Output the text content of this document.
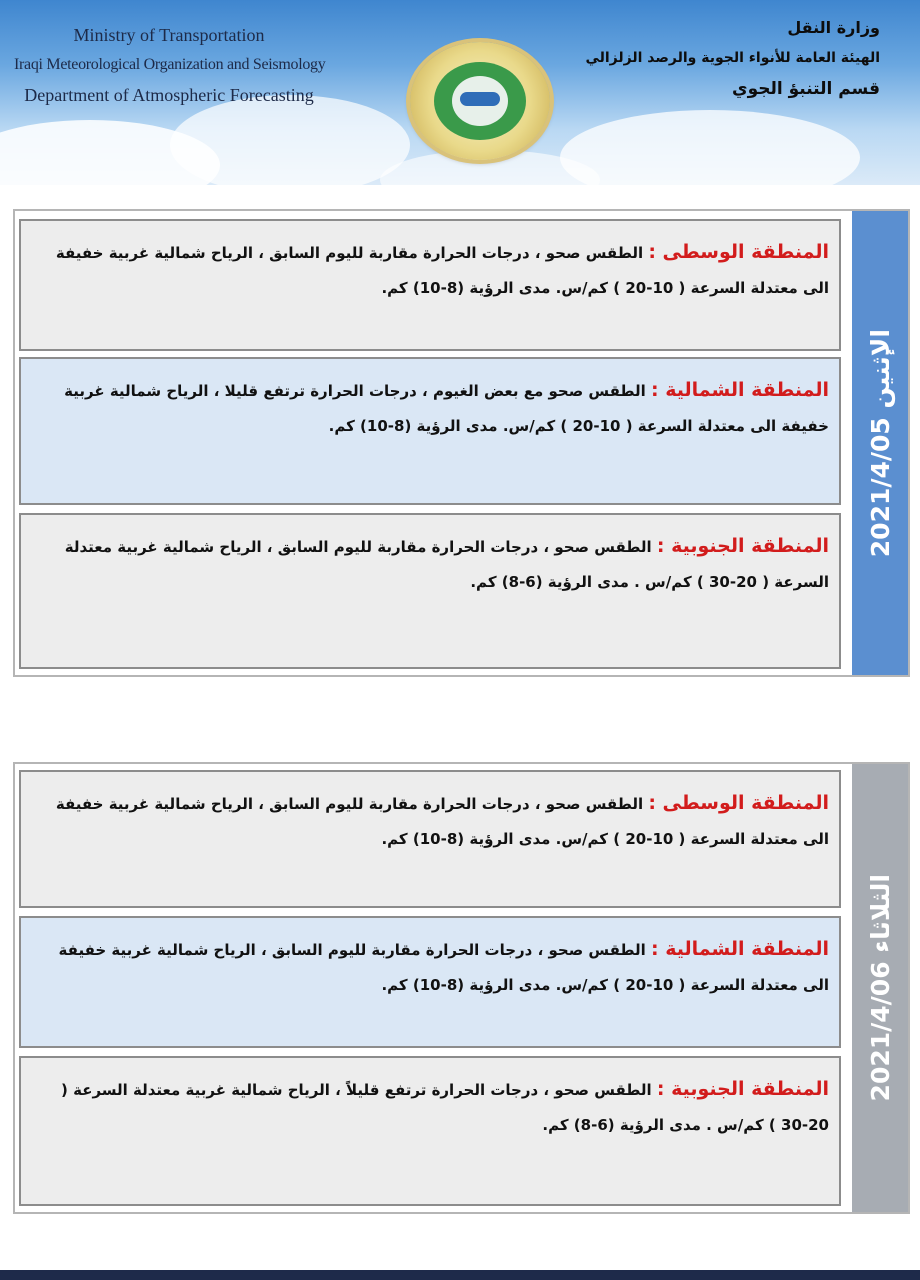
Ministry of Transportation
Iraqi Meteorological Organization and Seismology
Department of Atmospheric Forecasting
وزارة النقل
الهيئة العامة للأنواء الجوية والرصد الزلزالي
قسم التنبؤ الجوي
الإثنين 2021/4/05

المنطقة الوسطى : الطقس صحو ، درجات الحرارة مقاربة لليوم السابق ، الرياح شمالية غربية خفيفة الى معتدلة السرعة ( 10-20 ) كم/س. مدى الرؤية (8-10) كم.

المنطقة الشمالية : الطقس صحو مع بعض الغيوم ، درجات الحرارة ترتفع قليلا ، الرياح شمالية غربية خفيفة الى معتدلة السرعة ( 10-20 ) كم/س. مدى الرؤية (8-10) كم.

المنطقة الجنوبية : الطقس صحو ، درجات الحرارة مقاربة لليوم السابق ، الرياح شمالية غربية معتدلة السرعة ( 20-30 ) كم/س . مدى الرؤية (6-8) كم.

الثلاثاء 2021/4/06

المنطقة الوسطى : الطقس صحو ، درجات الحرارة مقاربة لليوم السابق ، الرياح شمالية غربية خفيفة الى معتدلة السرعة ( 10-20 ) كم/س. مدى الرؤية (8-10) كم.

المنطقة الشمالية : الطقس صحو ، درجات الحرارة مقاربة لليوم السابق ، الرياح شمالية غربية خفيفة الى معتدلة السرعة ( 10-20 ) كم/س. مدى الرؤية (8-10) كم.

المنطقة الجنوبية : الطقس صحو ، درجات الحرارة ترتفع قليلاً ، الرياح شمالية غربية معتدلة السرعة ( 20-30 ) كم/س . مدى الرؤية (6-8) كم.
